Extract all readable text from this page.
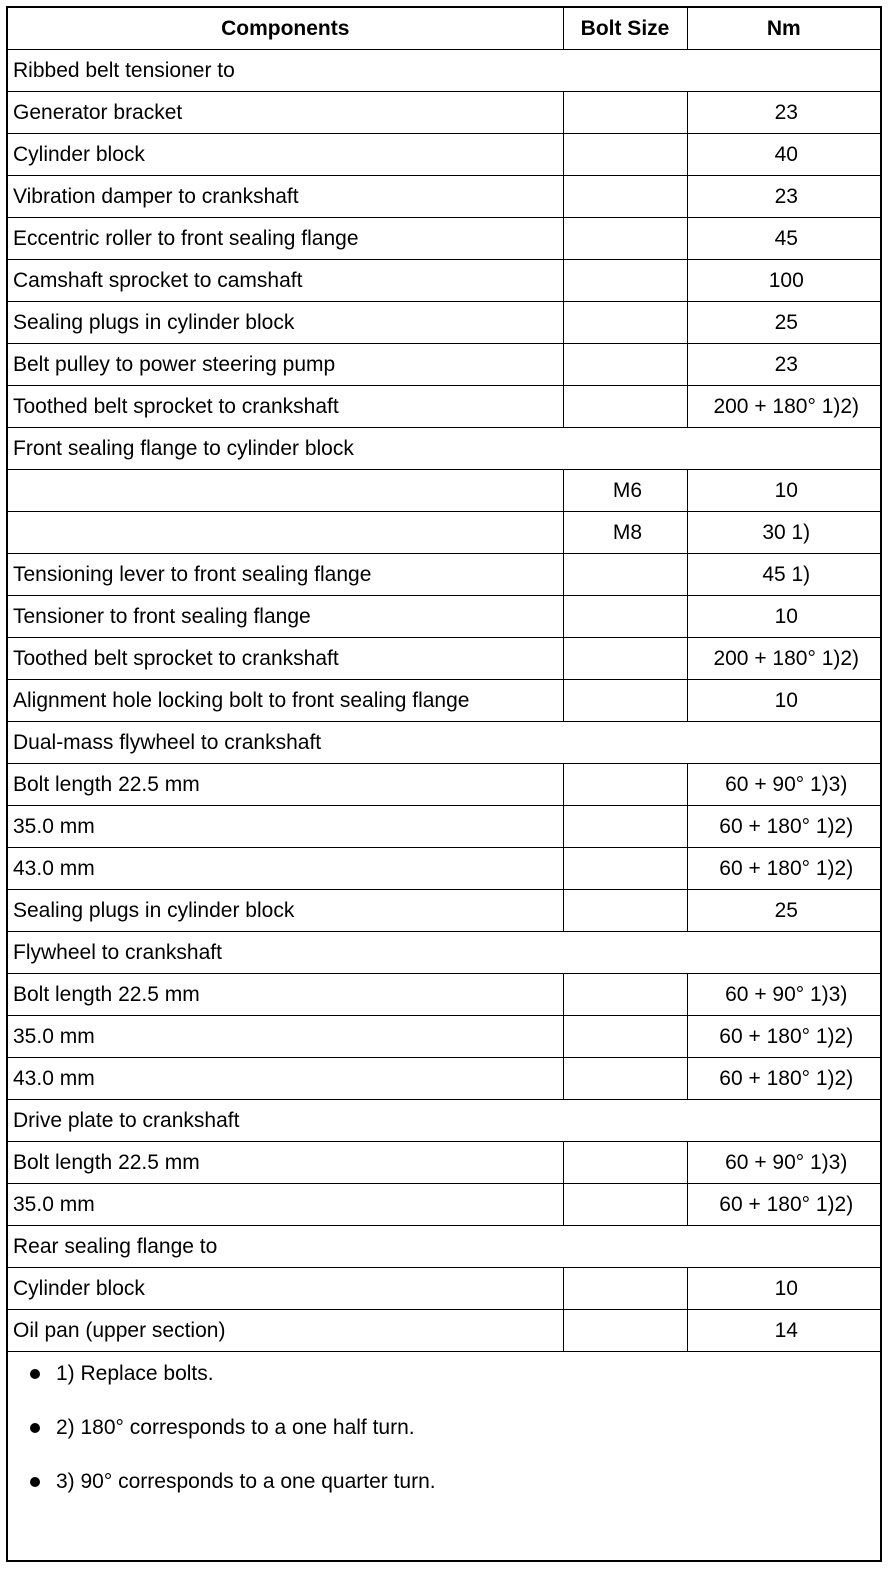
Components	Bolt Size	Nm
Ribbed belt tensioner to		
Generator bracket		23
Cylinder block		40
Vibration damper to crankshaft		23
Eccentric roller to front sealing flange		45
Camshaft sprocket to camshaft		100
Sealing plugs in cylinder block		25
Belt pulley to power steering pump		23
Toothed belt sprocket to crankshaft		200 + 180° 1)2)
Front sealing flange to cylinder block		
	M6	10
	M8	30 1)
Tensioning lever to front sealing flange		45 1)
Tensioner to front sealing flange		10
Toothed belt sprocket to crankshaft		200 + 180° 1)2)
Alignment hole locking bolt to front sealing flange		10
Dual-mass flywheel to crankshaft		
Bolt length 22.5 mm		60 + 90° 1)3)
35.0 mm		60 + 180° 1)2)
43.0 mm		60 + 180° 1)2)
Sealing plugs in cylinder block		25
Flywheel to crankshaft		
Bolt length 22.5 mm		60 + 90° 1)3)
35.0 mm		60 + 180° 1)2)
43.0 mm		60 + 180° 1)2)
Drive plate to crankshaft		
Bolt length 22.5 mm		60 + 90° 1)3)
35.0 mm		60 + 180° 1)2)
Rear sealing flange to		
Cylinder block		10
Oil pan (upper section)		14
1) Replace bolts.
2) 180° corresponds to a one half turn.
3) 90° corresponds to a one quarter turn.
